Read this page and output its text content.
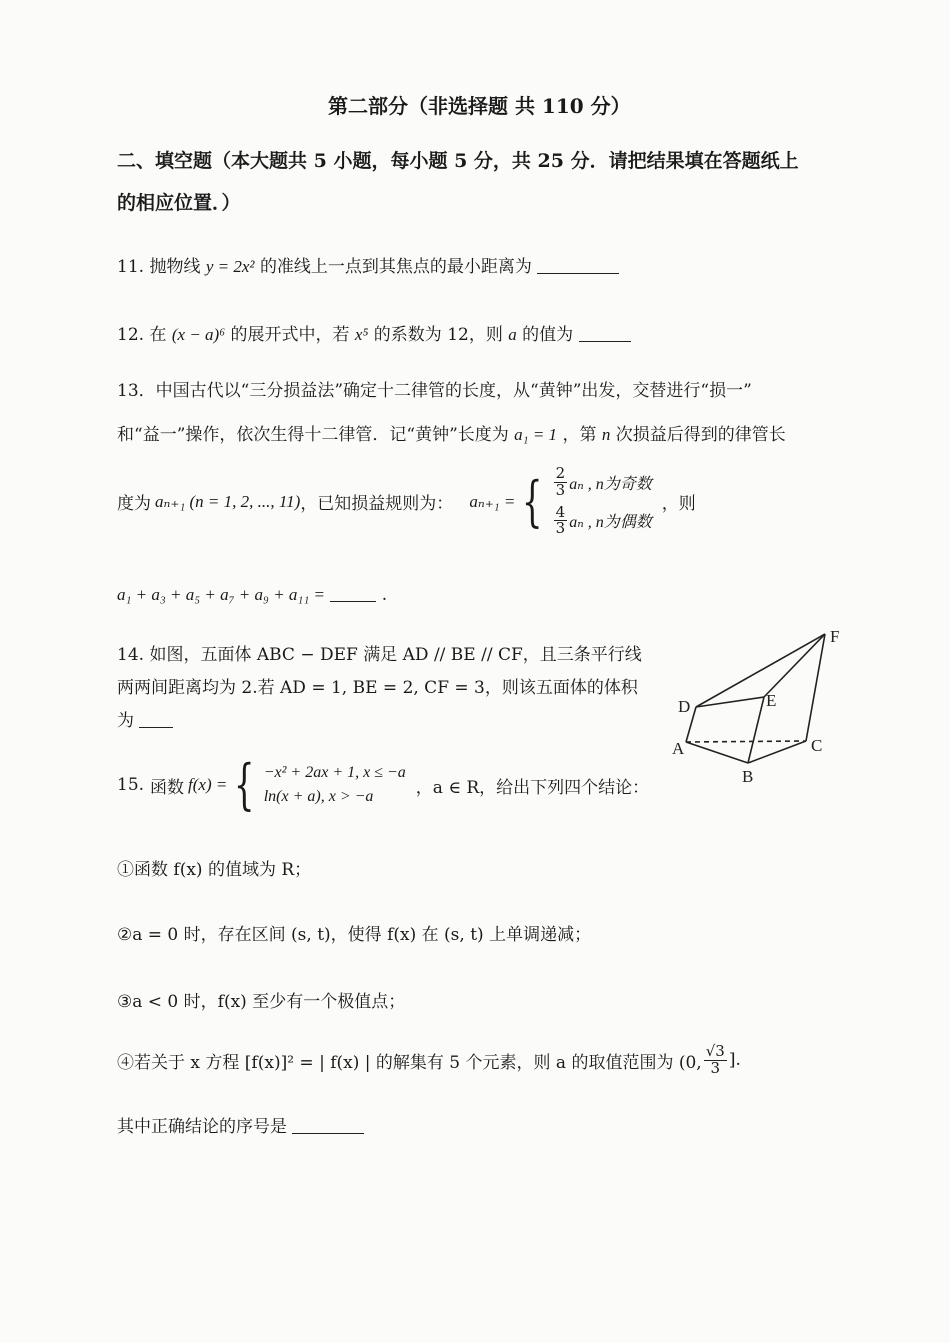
第二部分（非选择题 共 110 分）
二、填空题（本大题共 5 小题，每小题 5 分，共 25 分．请把结果填在答题纸上
的相应位置．）
11. 抛物线 y = 2x² 的准线上一点到其焦点的最小距离为
12. 在 (x − a)⁶ 的展开式中，若 x⁵ 的系数为 12，则 a 的值为
13．中国古代以“三分损益法”确定十二律管的长度，从“黄钟”出发，交替进行“损一”
和“益一”操作，依次生得十二律管．记“黄钟”长度为 a₁ = 1 ，第 n 次损益后得到的律管长
度为 aₙ₊₁ (n = 1, 2, ..., 11) ，已知损益规则为： aₙ₊₁ = { $\frac{2}{3}$ aₙ , n为奇数
$\frac{4}{3}$ aₙ , n为偶数
，则
a₁ + a₃ + a₅ + a₇ + a₉ + a₁₁ =	.
14. 如图，五面体 ABC − DEF 满足 AD // BE // CF，且三条平行线
两两间距离均为 2.若 AD = 1, BE = 2, CF = 3，则该五面体的体积
为
D	E
F
A
B
C
15. 函数 f(x) = { −x² + 2ax + 1, x ≤ −a
ln(x + a), x > −a	，a ∈ R，给出下列四个结论：
①函数 f(x) 的值域为 R；
②a = 0 时，存在区间 (s, t)，使得 f(x) 在 (s, t) 上单调递减；
③a < 0 时，f(x) 至少有一个极值点；
④若关于 x 方程 [f(x)]² = | f(x) | 的解集有 5 个元素，则 a 的取值范围为 (0, $\frac{√3}{3}$ ].
其中正确结论的序号是
